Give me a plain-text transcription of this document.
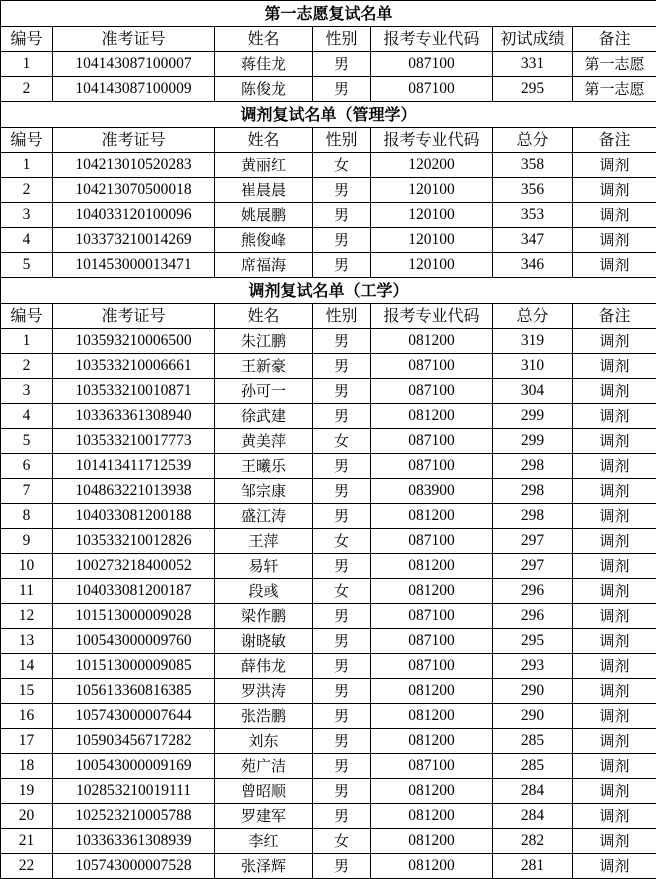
第一志愿复试名单						
编号	准考证号	姓名	性别	报考专业代码	初试成绩	备注
1	104143087100007	蒋佳龙	男	087100	331	第一志愿
2	104143087100009	陈俊龙	男	087100	295	第一志愿
调剂复试名单（管理学）						
编号	准考证号	姓名	性别	报考专业代码	总分	备注
1	104213010520283	黄丽红	女	120200	358	调剂
2	104213070500018	崔晨晨	男	120100	356	调剂
3	104033120100096	姚展鹏	男	120100	353	调剂
4	103373210014269	熊俊峰	男	120100	347	调剂
5	101453000013471	席福海	男	120100	346	调剂
调剂复试名单（工学）						
编号	准考证号	姓名	性别	报考专业代码	总分	备注
1	103593210006500	朱江鹏	男	081200	319	调剂
2	103533210006661	王新豪	男	087100	310	调剂
3	103533210010871	孙可一	男	087100	304	调剂
4	103363361308940	徐武建	男	081200	299	调剂
5	103533210017773	黄美萍	女	087100	299	调剂
6	101413411712539	王曦乐	男	087100	298	调剂
7	104863221013938	邹宗康	男	083900	298	调剂
8	104033081200188	盛江涛	男	081200	298	调剂
9	103533210012826	王萍	女	087100	297	调剂
10	100273218400052	易轩	男	081200	297	调剂
11	104033081200187	段彧	女	081200	296	调剂
12	101513000009028	梁作鹏	男	087100	296	调剂
13	100543000009760	谢晓敏	男	087100	295	调剂
14	101513000009085	薛伟龙	男	087100	293	调剂
15	105613360816385	罗洪涛	男	081200	290	调剂
16	105743000007644	张浩鹏	男	081200	290	调剂
17	105903456717282	刘东	男	081200	285	调剂
18	100543000009169	苑广洁	男	087100	285	调剂
19	102853210019111	曾昭顺	男	081200	284	调剂
20	102523210005788	罗建军	男	081200	284	调剂
21	103363361308939	李红	女	081200	282	调剂
22	105743000007528	张泽辉	男	081200	281	调剂
